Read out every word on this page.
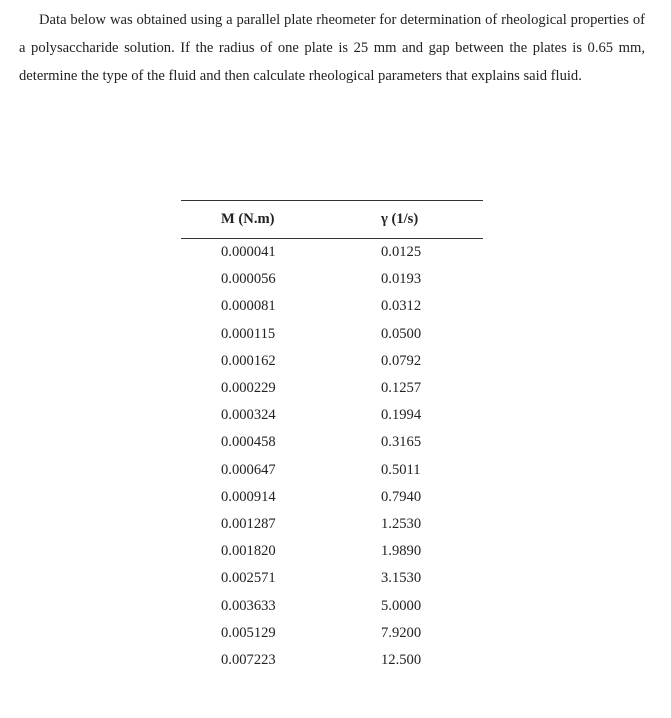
Data below was obtained using a parallel plate rheometer for determination of rheological properties of a polysaccharide solution. If the radius of one plate is 25 mm and gap between the plates is 0.65 mm, determine the type of the fluid and then calculate rheological parameters that explains said fluid.

M (N.m)	γ (1/s)
0.000041	0.0125
0.000056	0.0193
0.000081	0.0312
0.000115	0.0500
0.000162	0.0792
0.000229	0.1257
0.000324	0.1994
0.000458	0.3165
0.000647	0.5011
0.000914	0.7940
0.001287	1.2530
0.001820	1.9890
0.002571	3.1530
0.003633	5.0000
0.005129	7.9200
0.007223	12.500
